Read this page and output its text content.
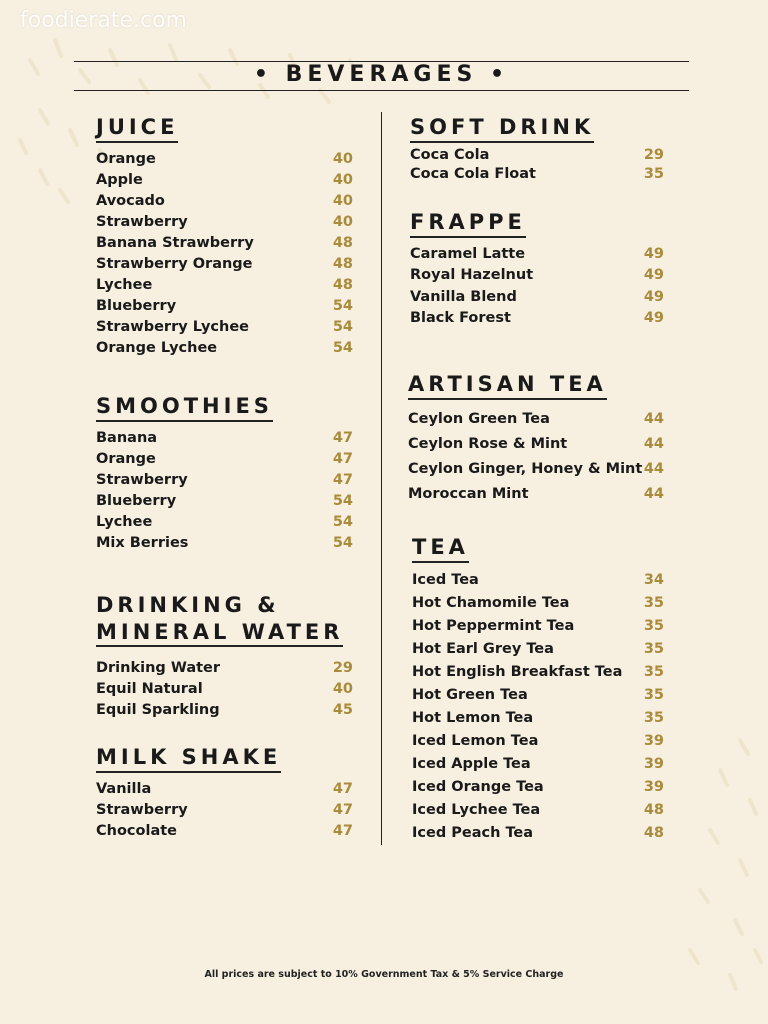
foodierate.com
• BEVERAGES •
JUICE
Orange	40
Apple	40
Avocado	40
Strawberry	40
Banana Strawberry	48
Strawberry Orange	48
Lychee	48
Blueberry	54
Strawberry Lychee	54
Orange Lychee	54
SMOOTHIES
Banana	47
Orange	47
Strawberry	47
Blueberry	54
Lychee	54
Mix Berries	54
DRINKING &
MINERAL WATER
Drinking Water	29
Equil Natural	40
Equil Sparkling	45
MILK SHAKE
Vanilla	47
Strawberry	47
Chocolate	47
SOFT DRINK
Coca Cola	29
Coca Cola Float	35
FRAPPE
Caramel Latte	49
Royal Hazelnut	49
Vanilla Blend	49
Black Forest	49
ARTISAN TEA
Ceylon Green Tea	44
Ceylon Rose & Mint	44
Ceylon Ginger, Honey & Mint 44
Moroccan Mint	44
TEA
Iced Tea	34
Hot Chamomile Tea	35
Hot Peppermint Tea	35
Hot Earl Grey Tea	35
Hot English Breakfast Tea 35
Hot Green Tea	35
Hot Lemon Tea	35
Iced Lemon Tea	39
Iced Apple Tea	39
Iced Orange Tea	39
Iced Lychee Tea	48
Iced Peach Tea	48
All prices are subject to 10% Government Tax & 5% Service Charge
